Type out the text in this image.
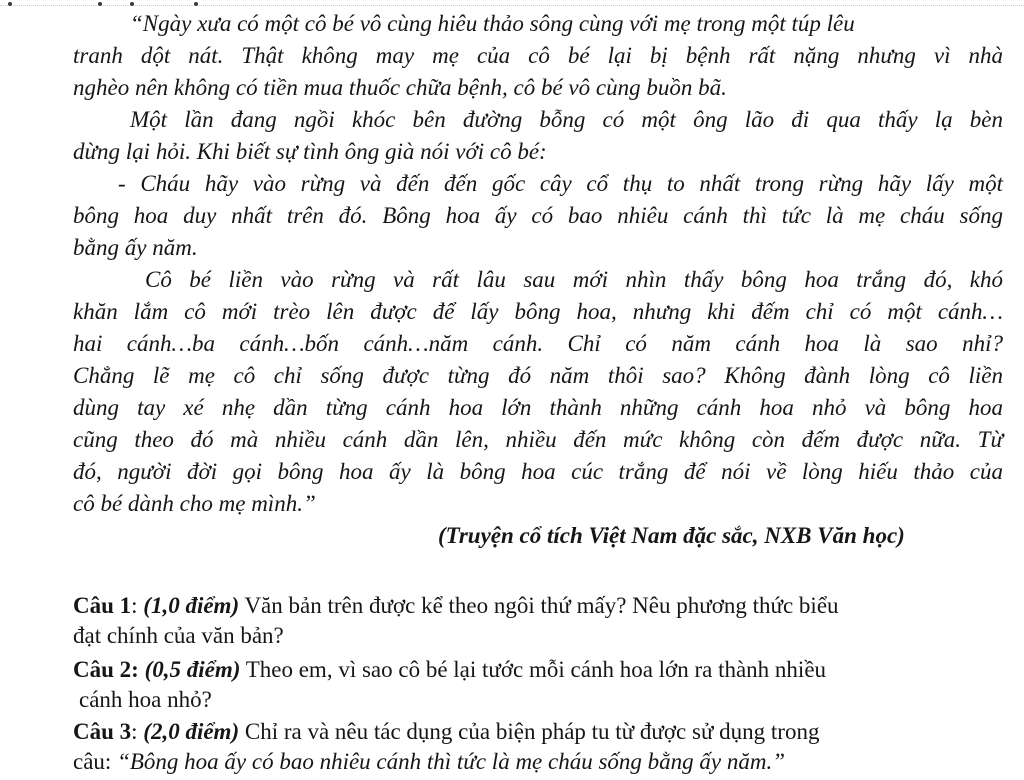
“Ngày xưa có một cô bé vô cùng hiêu thảo sông cùng với mẹ trong một túp lêu
tranh dột nát. Thật không may mẹ của cô bé lại bị bệnh rất nặng nhưng vì nhà
nghèo nên không có tiền mua thuốc chữa bệnh, cô bé vô cùng buồn bã.
Một lần đang ngồi khóc bên đường bỗng có một ông lão đi qua thấy lạ bèn
dừng lại hỏi. Khi biết sự tình ông già nói với cô bé:
- Cháu hãy vào rừng và đến đến gốc cây cổ thụ to nhất trong rừng hãy lấy một
bông hoa duy nhất trên đó. Bông hoa ấy có bao nhiêu cánh thì tức là mẹ cháu sống
bằng ấy năm.
Cô bé liền vào rừng và rất lâu sau mới nhìn thấy bông hoa trắng đó, khó
khăn lắm cô mới trèo lên được để lấy bông hoa, nhưng khi đếm chỉ có một cánh…
hai cánh…ba cánh…bốn cánh…năm cánh. Chỉ có năm cánh hoa là sao nhỉ?
Chẳng lẽ mẹ cô chỉ sống được từng đó năm thôi sao? Không đành lòng cô liền
dùng tay xé nhẹ dần từng cánh hoa lớn thành những cánh hoa nhỏ và bông hoa
cũng theo đó mà nhiều cánh dần lên, nhiều đến mức không còn đếm được nữa. Từ
đó, người đời gọi bông hoa ấy là bông hoa cúc trắng để nói về lòng hiếu thảo của
cô bé dành cho mẹ mình.”
(Truyện cổ tích Việt Nam đặc sắc, NXB Văn học)
Câu 1: (1,0 điểm) Văn bản trên được kể theo ngôi thứ mấy? Nêu phương thức biểu
đạt chính của văn bản?
Câu 2: (0,5 điểm) Theo em, vì sao cô bé lại tước mỗi cánh hoa lớn ra thành nhiều
cánh hoa nhỏ?
Câu 3: (2,0 điểm) Chỉ ra và nêu tác dụng của biện pháp tu từ được sử dụng trong
câu: “Bông hoa ấy có bao nhiêu cánh thì tức là mẹ cháu sống bằng ấy năm.”
